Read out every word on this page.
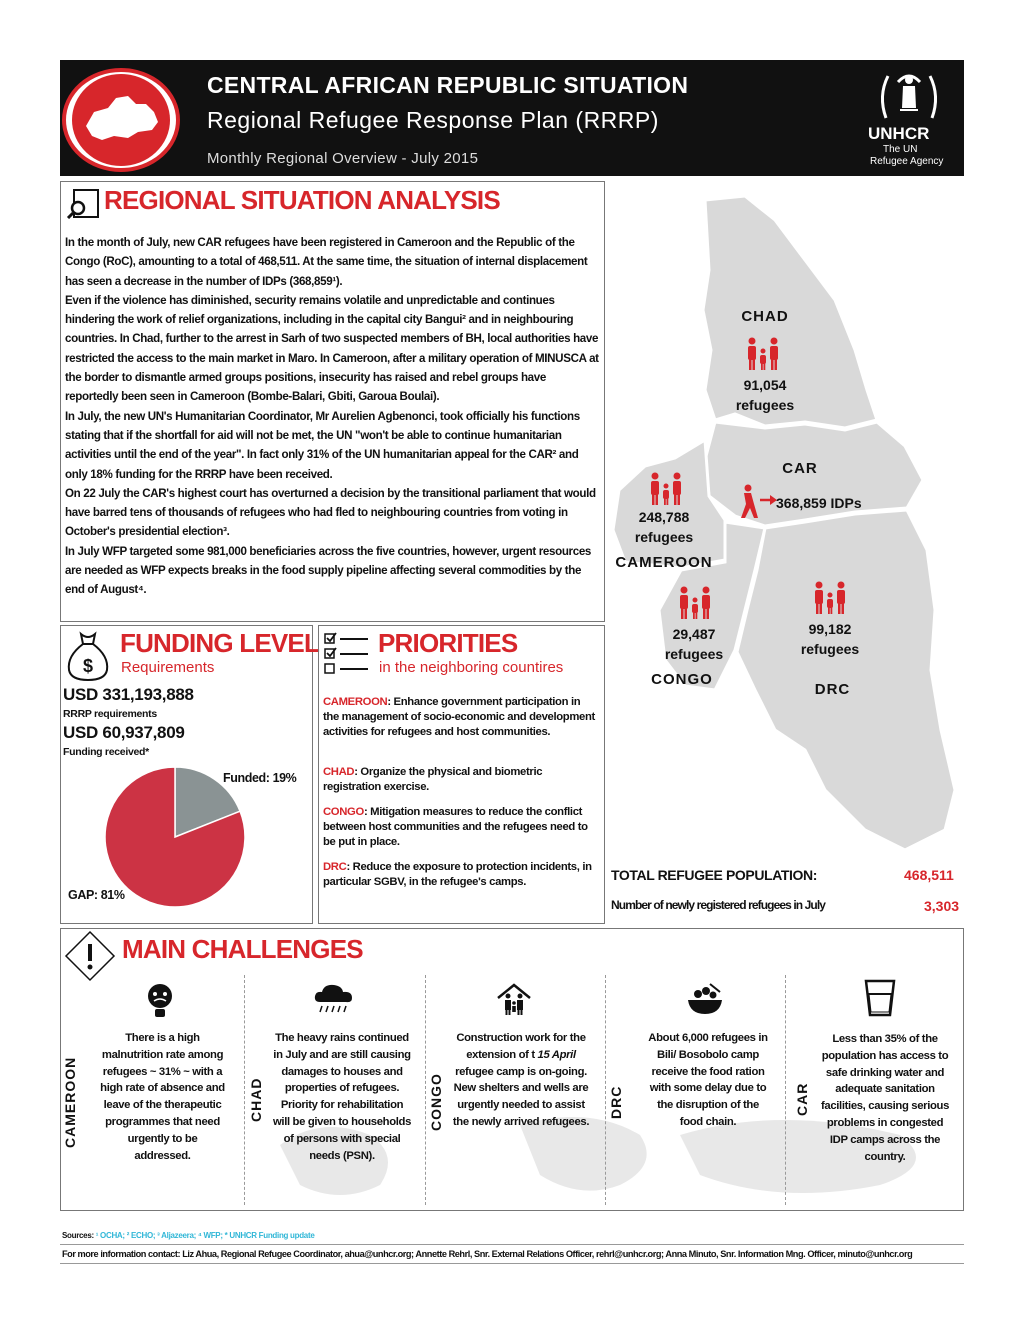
CENTRAL AFRICAN REPUBLIC SITUATION
Regional Refugee Response Plan (RRRP)
Monthly Regional Overview - July 2015
UNHCR
The UN
Refugee Agency
REGIONAL SITUATION ANALYSIS

In the month of July, new CAR refugees have been registered in Cameroon and the Republic of the Congo (RoC), amounting to a total of 468,511. At the same time, the situation of internal displacement has seen a decrease in the number of IDPs (368,859¹).

Even if the violence has diminished, security remains volatile and unpredictable and continues hindering the work of relief organizations, including in the capital city Bangui² and in neighbouring countries. In Chad, further to the arrest in Sarh of two suspected members of BH, local authorities have restricted the access to the main market in Maro. In Cameroon, after a military operation of MINUSCA at the border to dismantle armed groups positions, insecurity has raised and rebel groups have reportedly been seen in Cameroon (Bombe-Balari, Gbiti, Garoua Boulai).

In July, the new UN's Humanitarian Coordinator, Mr Aurelien Agbenonci, took officially his functions stating that if the shortfall for aid will not be met, the UN "won't be able to continue humanitarian activities until the end of the year". In fact only 31% of the UN humanitarian appeal for the CAR² and only 18% funding for the RRRP have been received.

On 22 July the CAR's highest court has overturned a decision by the transitional parliament that would have barred tens of thousands of refugees who had fled to neighbouring countries from voting in October's presidential election³.

In July WFP targeted some 981,000 beneficiaries across the five countries, however, urgent resources are needed as WFP expects breaks in the food supply pipeline affecting several commodities by the end of August⁴.

$
FUNDING LEVEL
Requirements
USD 331,193,888
RRRP requirements
USD 60,937,809
Funding received*
Funded: 19%
GAP: 81%
PRIORITIES
in the neighboring countires
CAMEROON: Enhance government participation in the management of socio-economic and development activities for refugees and host communities.
CHAD: Organize the physical and biometric registration exercise.
CONGO: Mitigation measures to reduce the conflict between host communities and the refugees need to be put in place.
DRC: Reduce the exposure to protection incidents, in particular SGBV, in the refugee's camps.
CHAD
91,054
refugees
CAR
368,859 IDPs
248,788
refugees
CAMEROON
29,487
refugees
CONGO
99,182
refugees
DRC
TOTAL REFUGEE POPULATION:	468,511
Number of newly registered refugees in July	3,303
MAIN CHALLENGES
CAMEROON
There is a high malnutrition rate among refugees ~ 31% ~ with a high rate of absence and leave of the therapeutic programmes that need urgently to be addressed.
CHAD
The heavy rains continued in July and are still causing damages to houses and properties of refugees. Priority for rehabilitation will be given to households of persons with special needs (PSN).
CONGO
Construction work for the extension of t 15 April refugee camp is on-going. New shelters and wells are urgently needed to assist the newly arrived refugees.
DRC
About 6,000 refugees in Bili/ Bosobolo camp receive the food ration with some delay due to the disruption of the food chain.
CAR
Less than 35% of the population has access to safe drinking water and adequate sanitation facilities, causing serious problems in congested IDP camps across the country.
Sources: ¹ OCHA; ² ECHO; ³ Aljazeera; ⁴ WFP; * UNHCR Funding update
For more information contact: Liz Ahua, Regional Refugee Coordinator, ahua@unhcr.org; Annette Rehrl, Snr. External Relations Officer, rehrl@unhcr.org; Anna Minuto, Snr. Information Mng. Officer, minuto@unhcr.org
